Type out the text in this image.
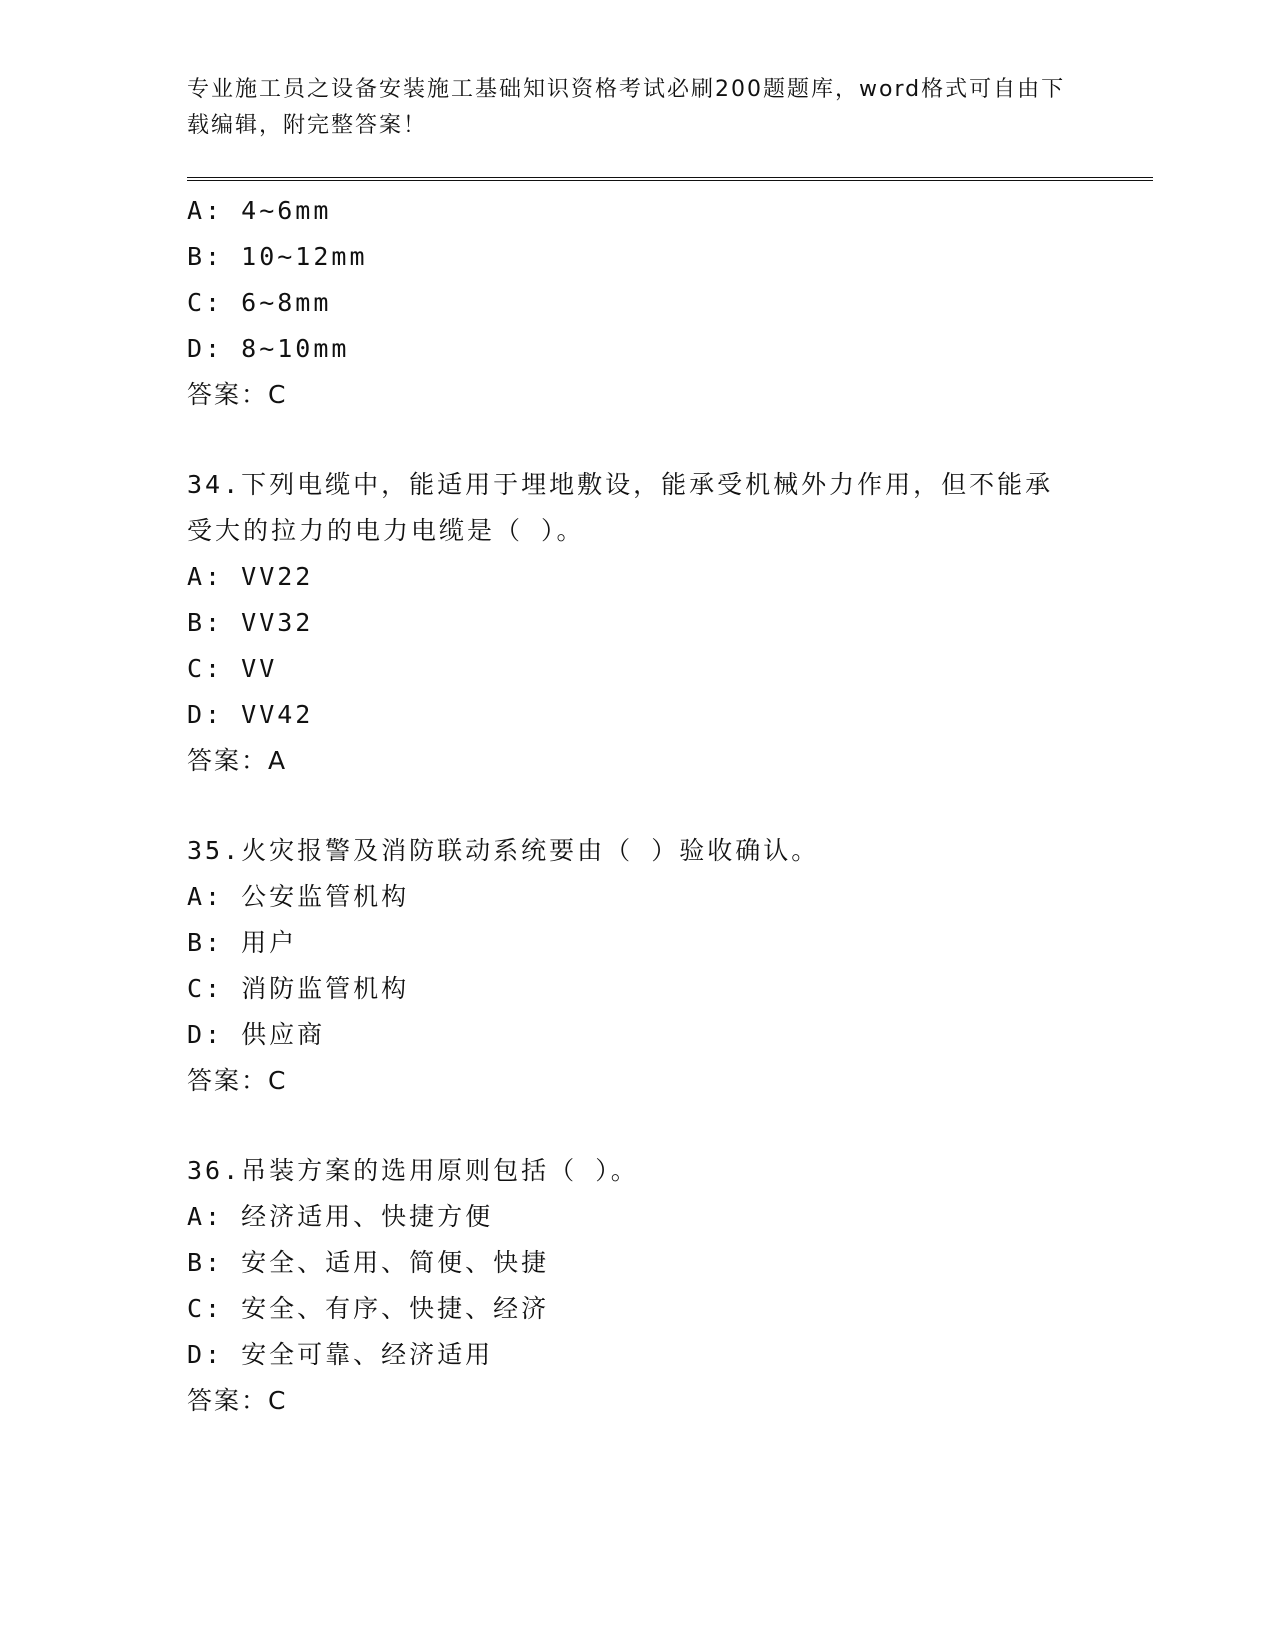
专业施工员之设备安装施工基础知识资格考试必刷200题题库，word格式可自由下载编辑，附完整答案！
A: 4~6mm
B: 10~12mm
C: 6~8mm
D: 8~10mm
答案：C
34.下列电缆中，能适用于埋地敷设，能承受机械外力作用，但不能承受大的拉力的电力电缆是（ ）。
A: VV22
B: VV32
C: VV
D: VV42
答案：A
35.火灾报警及消防联动系统要由（ ）验收确认。
A: 公安监管机构
B: 用户
C: 消防监管机构
D: 供应商
答案：C
36.吊装方案的选用原则包括（ ）。
A: 经济适用、快捷方便
B: 安全、适用、简便、快捷
C: 安全、有序、快捷、经济
D: 安全可靠、经济适用
答案：C
